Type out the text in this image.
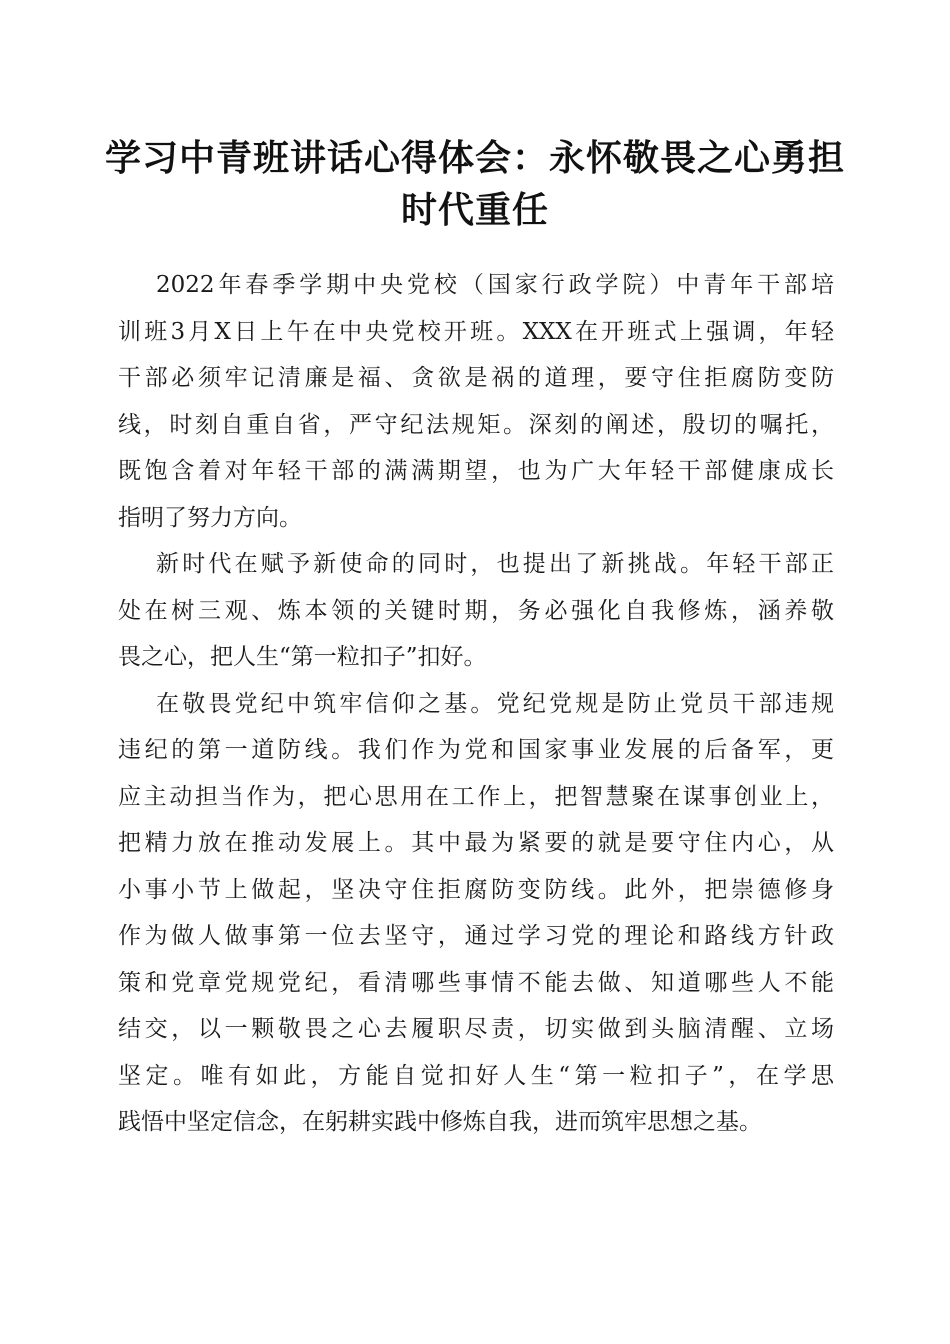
学习中青班讲话心得体会：永怀敬畏之心勇担
时代重任

2022年春季学期中央党校（国家行政学院）中青年干部培
训班3月X日上午在中央党校开班。XXX在开班式上强调，年轻
干部必须牢记清廉是福、贪欲是祸的道理，要守住拒腐防变防
线，时刻自重自省，严守纪法规矩。深刻的阐述，殷切的嘱托，
既饱含着对年轻干部的满满期望，也为广大年轻干部健康成长
指明了努力方向。

新时代在赋予新使命的同时，也提出了新挑战。年轻干部正
处在树三观、炼本领的关键时期，务必强化自我修炼，涵养敬
畏之心，把人生“第一粒扣子”扣好。

在敬畏党纪中筑牢信仰之基。党纪党规是防止党员干部违规
违纪的第一道防线。我们作为党和国家事业发展的后备军，更
应主动担当作为，把心思用在工作上，把智慧聚在谋事创业上，
把精力放在推动发展上。其中最为紧要的就是要守住内心，从
小事小节上做起，坚决守住拒腐防变防线。此外，把崇德修身
作为做人做事第一位去坚守，通过学习党的理论和路线方针政
策和党章党规党纪，看清哪些事情不能去做、知道哪些人不能
结交，以一颗敬畏之心去履职尽责，切实做到头脑清醒、立场
坚定。唯有如此，方能自觉扣好人生“第一粒扣子”，在学思
践悟中坚定信念，在躬耕实践中修炼自我，进而筑牢思想之基。
